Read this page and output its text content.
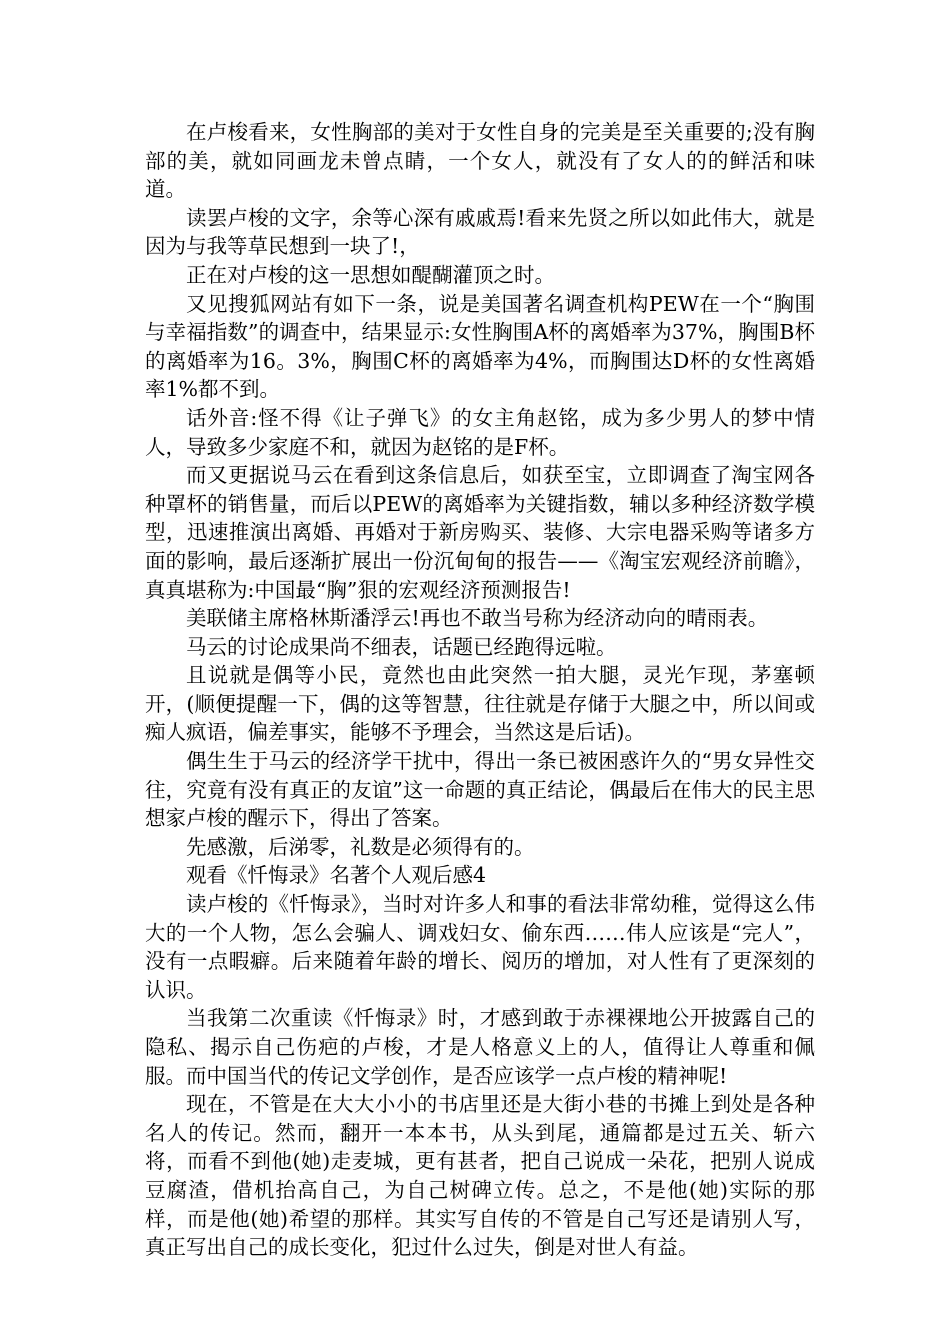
在卢梭看来，女性胸部的美对于女性自身的完美是至关重要的;没有胸部的美，就如同画龙未曾点睛，一个女人，就没有了女人的的鲜活和味道。

读罢卢梭的文字，余等心深有戚戚焉!看来先贤之所以如此伟大，就是因为与我等草民想到一块了!，

正在对卢梭的这一思想如醍醐灌顶之时。

又见搜狐网站有如下一条，说是美国著名调查机构PEW在一个“胸围与幸福指数”的调查中，结果显示:女性胸围A杯的离婚率为37%，胸围B杯的离婚率为16。3%，胸围C杯的离婚率为4%，而胸围达D杯的女性离婚率1%都不到。

话外音:怪不得《让子弹飞》的女主角赵铭，成为多少男人的梦中情人，导致多少家庭不和，就因为赵铭的是F杯。

而又更据说马云在看到这条信息后，如获至宝，立即调查了淘宝网各种罩杯的销售量，而后以PEW的离婚率为关键指数，辅以多种经济数学模型，迅速推演出离婚、再婚对于新房购买、装修、大宗电器采购等诸多方面的影响，最后逐渐扩展出一份沉甸甸的报告——《淘宝宏观经济前瞻》，真真堪称为:中国最“胸”狠的宏观经济预测报告!

美联储主席格林斯潘浮云!再也不敢当号称为经济动向的晴雨表。

马云的讨论成果尚不细表，话题已经跑得远啦。

且说就是偶等小民，竟然也由此突然一拍大腿，灵光乍现，茅塞顿开，(顺便提醒一下，偶的这等智慧，往往就是存储于大腿之中，所以间或痴人疯语，偏差事实，能够不予理会，当然这是后话)。

偶生生于马云的经济学干扰中，得出一条已被困惑许久的“男女异性交往，究竟有没有真正的友谊”这一命题的真正结论，偶最后在伟大的民主思想家卢梭的醒示下，得出了答案。

先感激，后涕零，礼数是必须得有的。

观看《忏悔录》名著个人观后感4

读卢梭的《忏悔录》，当时对许多人和事的看法非常幼稚，觉得这么伟大的一个人物，怎么会骗人、调戏妇女、偷东西……伟人应该是“完人”，没有一点暇癖。后来随着年龄的增长、阅历的增加，对人性有了更深刻的认识。

当我第二次重读《忏悔录》时，才感到敢于赤裸裸地公开披露自己的隐私、揭示自己伤疤的卢梭，才是人格意义上的人，值得让人尊重和佩服。而中国当代的传记文学创作，是否应该学一点卢梭的精神呢!

现在，不管是在大大小小的书店里还是大街小巷的书摊上到处是各种名人的传记。然而，翻开一本本书，从头到尾，通篇都是过五关、斩六将，而看不到他(她)走麦城，更有甚者，把自己说成一朵花，把别人说成豆腐渣，借机抬高自己，为自己树碑立传。总之，不是他(她)实际的那样，而是他(她)希望的那样。其实写自传的不管是自己写还是请别人写，真正写出自己的成长变化，犯过什么过失，倒是对世人有益。
